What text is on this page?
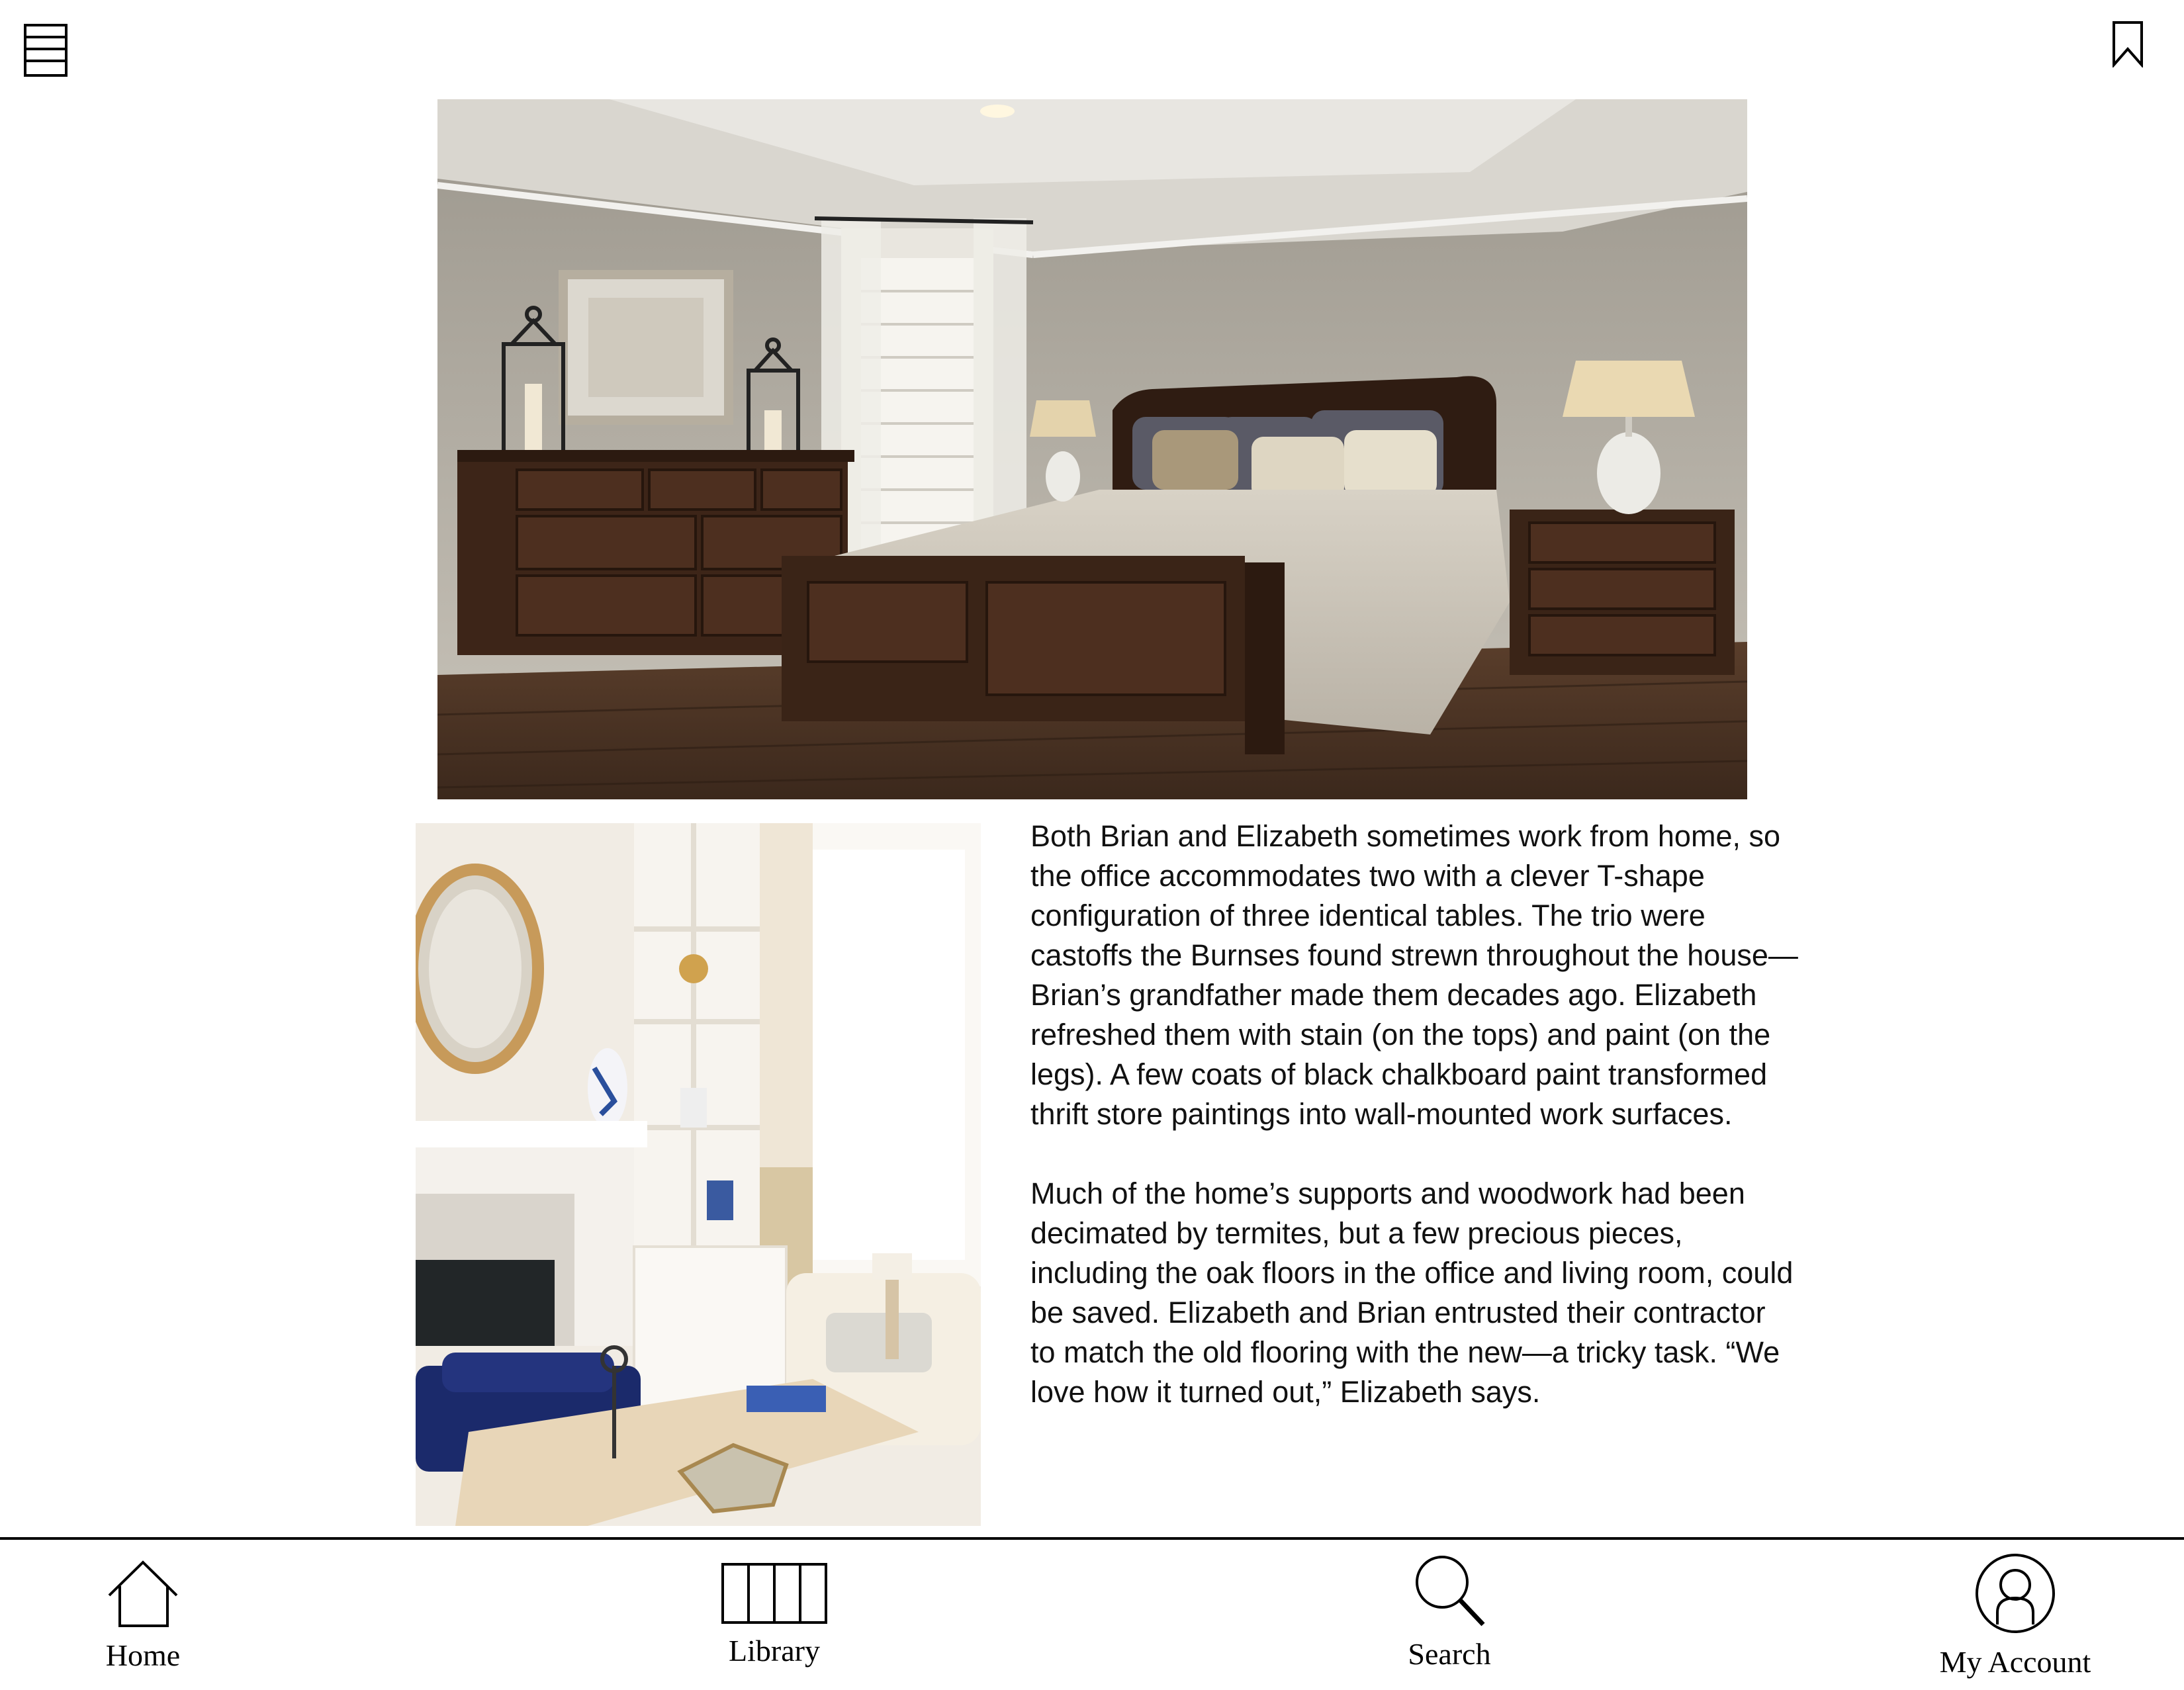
Both Brian and Elizabeth sometimes work from home, so the office accommodates two with a clever T-shape configuration of three identical tables. The trio were castoffs the Burnses found strewn throughout the house—Brian’s grandfather made them decades ago. Elizabeth refreshed them with stain (on the tops) and paint (on the legs). A few coats of black chalkboard paint transformed thrift store paintings into wall-mounted work surfaces.

Much of the home’s supports and woodwork had been decimated by termites, but a few precious pieces, including the oak floors in the office and living room, could be saved. Elizabeth and Brian entrusted their contractor to match the old flooring with the new—a tricky task. “We love how it turned out,” Elizabeth says.

Home	Library	Search	My Account
